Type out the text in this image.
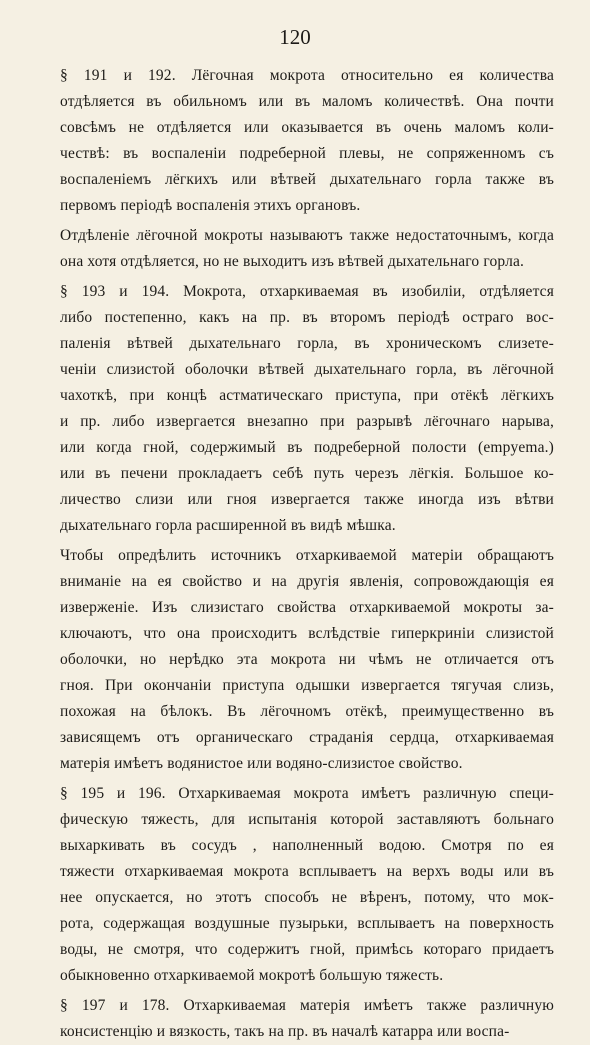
120
§ 191 и 192. Лёгочная мокрота относительно ея количества
отдѣляется въ обильномъ или въ маломъ количествѣ. Она почти
совсѣмъ не отдѣляется или оказывается въ очень маломъ коли-
чествѣ: въ воспаленіи подреберной плевы, не сопряженномъ съ
воспаленіемъ лёгкихъ или вѣтвей дыхательнаго горла также въ
первомъ періодѣ воспаленія этихъ органовъ.
Отдѣленіе лёгочной мокроты называютъ также недостаточнымъ, когда
она хотя отдѣляется, но не выходитъ изъ вѣтвей дыхательнаго горла.
§ 193 и 194. Мокрота, отхаркиваемая въ изобиліи, отдѣляется
либо постепенно, какъ на пр. въ второмъ періодѣ остраго вос-
паленія вѣтвей дыхательнаго горла, въ хроническомъ слизете-
ченіи слизистой оболочки вѣтвей дыхательнаго горла, въ лёгочной
чахоткѣ, при концѣ астматическаго приступа, при отёкѣ лёгкихъ
и пр. либо извергается внезапно при разрывѣ лёгочнаго нарыва,
или когда гной, содержимый въ подреберной полости (empyema.)
или въ печени прокладаетъ себѣ путь черезъ лёгкія. Большое ко-
личество слизи или гноя извергается также иногда изъ вѣтви
дыхательнаго горла расширенной въ видѣ мѣшка.
Чтобы опредѣлить источникъ отхаркиваемой матеріи обращаютъ
вниманіе на ея свойство и на другія явленія, сопровождающія ея
изверженіе. Изъ слизистаго свойства отхаркиваемой мокроты за-
ключаютъ, что она происходитъ вслѣдствіе гиперкриніи слизистой
оболочки, но нерѣдко эта мокрота ни чѣмъ не отличается отъ
гноя. При окончаніи приступа одышки извергается тягучая слизь,
похожая на бѣлокъ. Въ лёгочномъ отёкѣ, преимущественно въ
зависящемъ отъ органическаго страданія сердца, отхаркиваемая
матерія имѣетъ водянистое или водяно-слизистое свойство.
§ 195 и 196. Отхаркиваемая мокрота имѣетъ различную специ-
фическую тяжесть, для испытанія которой заставляютъ больнаго
выхаркивать въ сосудъ , наполненный водою. Смотря по ея
тяжести отхаркиваемая мокрота всплываетъ на верхъ воды или въ
нее опускается, но этотъ способъ не вѣренъ, потому, что мок-
рота, содержащая воздушные пузырьки, всплываетъ на поверхность
воды, не смотря, что содержитъ гной, примѣсь котораго придаетъ
обыкновенно отхаркиваемой мокротѣ большую тяжесть.
§ 197 и 178. Отхаркиваемая матерія имѣетъ также различную
консистенцію и вязкость, такъ на пр. въ началѣ катарра или воспа-
